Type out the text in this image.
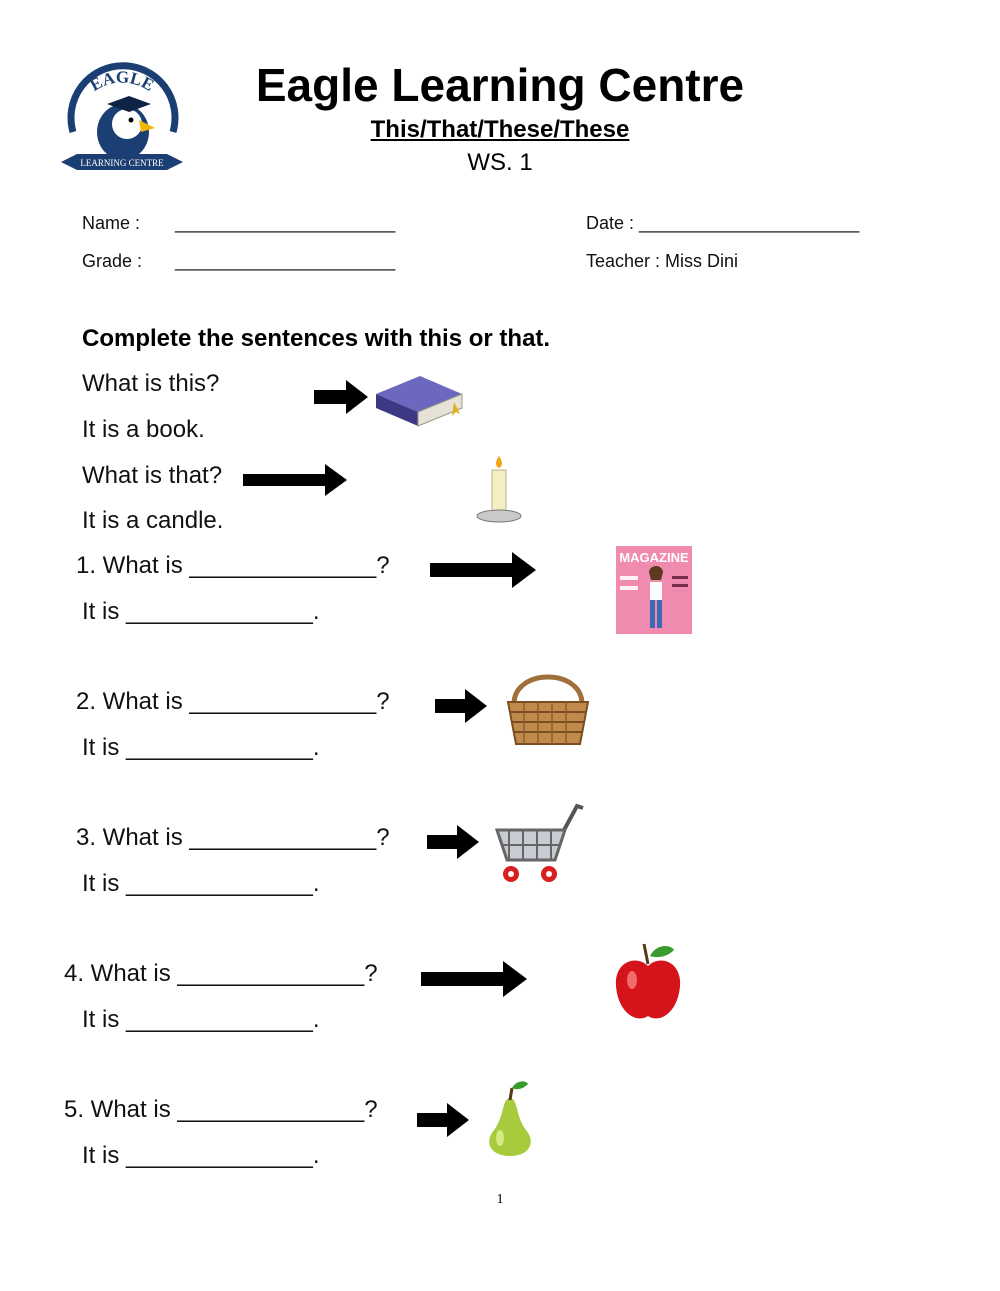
EAGLE
LEARNING CENTRE
Eagle Learning Centre
This/That/These/These
WS. 1
Name : ______________________
Grade : ______________________
Date : ______________________
Teacher : Miss Dini
Complete the sentences with this or that.
What is this?
It is a book.
What is that?
It is a candle.
1. What is ______________?
It is ______________.
2. What is ______________?
It is ______________.
3. What is ______________?
It is ______________.
4. What is ______________?
It is ______________.
5. What is ______________?
It is ______________.
MAGAZINE
1
